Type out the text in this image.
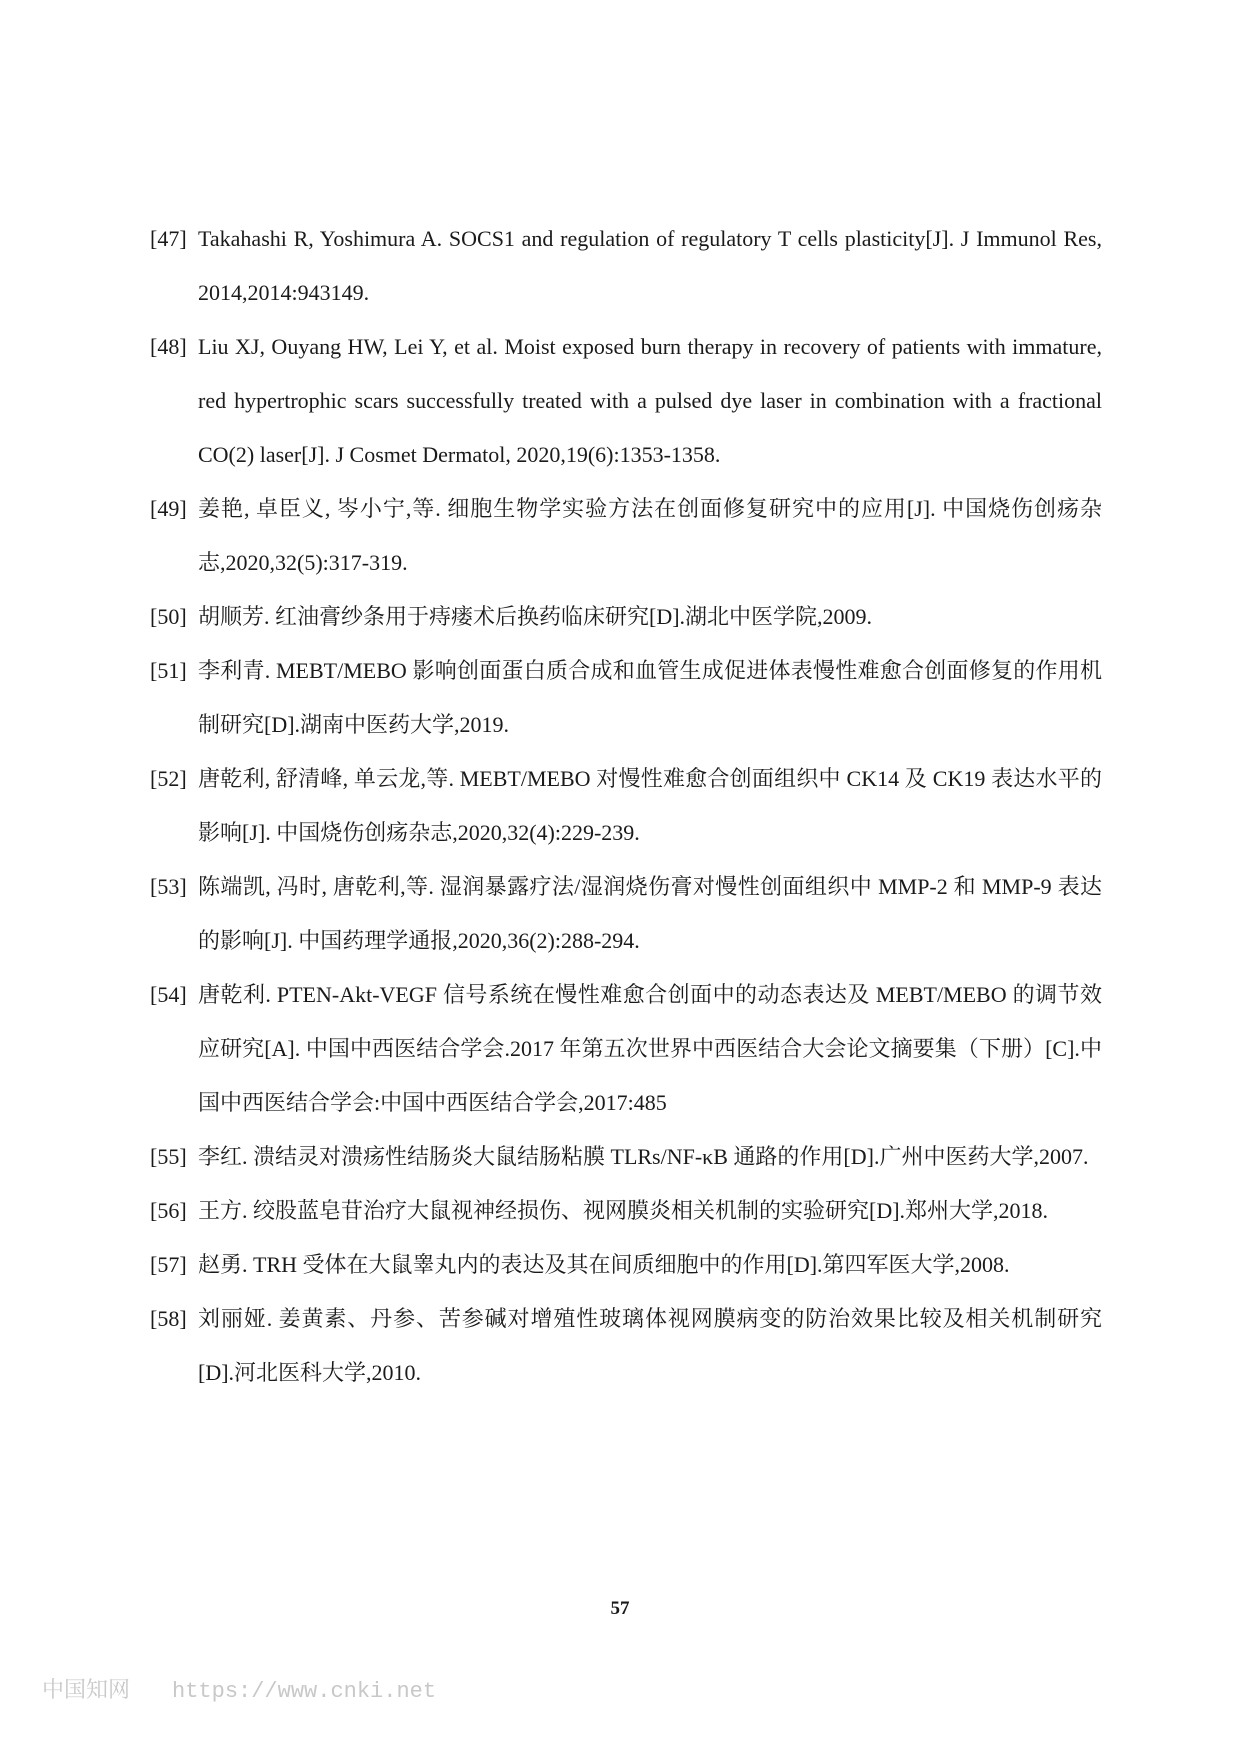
[47] Takahashi R, Yoshimura A. SOCS1 and regulation of regulatory T cells plasticity[J]. J Immunol Res, 2014,2014:943149.
[48] Liu XJ, Ouyang HW, Lei Y, et al. Moist exposed burn therapy in recovery of patients with immature, red hypertrophic scars successfully treated with a pulsed dye laser in combination with a fractional CO(2) laser[J]. J Cosmet Dermatol, 2020,19(6):1353-1358.
[49] 姜艳, 卓臣义, 岑小宁,等. 细胞生物学实验方法在创面修复研究中的应用[J]. 中国烧伤创疡杂志,2020,32(5):317-319.
[50] 胡顺芳. 红油膏纱条用于痔瘘术后换药临床研究[D].湖北中医学院,2009.
[51] 李利青. MEBT/MEBO 影响创面蛋白质合成和血管生成促进体表慢性难愈合创面修复的作用机制研究[D].湖南中医药大学,2019.
[52] 唐乾利, 舒清峰, 单云龙,等. MEBT/MEBO 对慢性难愈合创面组织中 CK14 及 CK19 表达水平的影响[J]. 中国烧伤创疡杂志,2020,32(4):229-239.
[53] 陈端凯, 冯时, 唐乾利,等. 湿润暴露疗法/湿润烧伤膏对慢性创面组织中 MMP-2 和 MMP-9 表达的影响[J]. 中国药理学通报,2020,36(2):288-294.
[54] 唐乾利. PTEN-Akt-VEGF 信号系统在慢性难愈合创面中的动态表达及 MEBT/MEBO 的调节效应研究[A]. 中国中西医结合学会.2017 年第五次世界中西医结合大会论文摘要集（下册）[C].中国中西医结合学会:中国中西医结合学会,2017:485
[55] 李红. 溃结灵对溃疡性结肠炎大鼠结肠粘膜 TLRs/NF-κB 通路的作用[D].广州中医药大学,2007.
[56] 王方. 绞股蓝皂苷治疗大鼠视神经损伤、视网膜炎相关机制的实验研究[D].郑州大学,2018.
[57] 赵勇. TRH 受体在大鼠睾丸内的表达及其在间质细胞中的作用[D].第四军医大学,2008.
[58] 刘丽娅. 姜黄素、丹参、苦参碱对增殖性玻璃体视网膜病变的防治效果比较及相关机制研究[D].河北医科大学,2010.
57
中国知网 https://www.cnki.net
